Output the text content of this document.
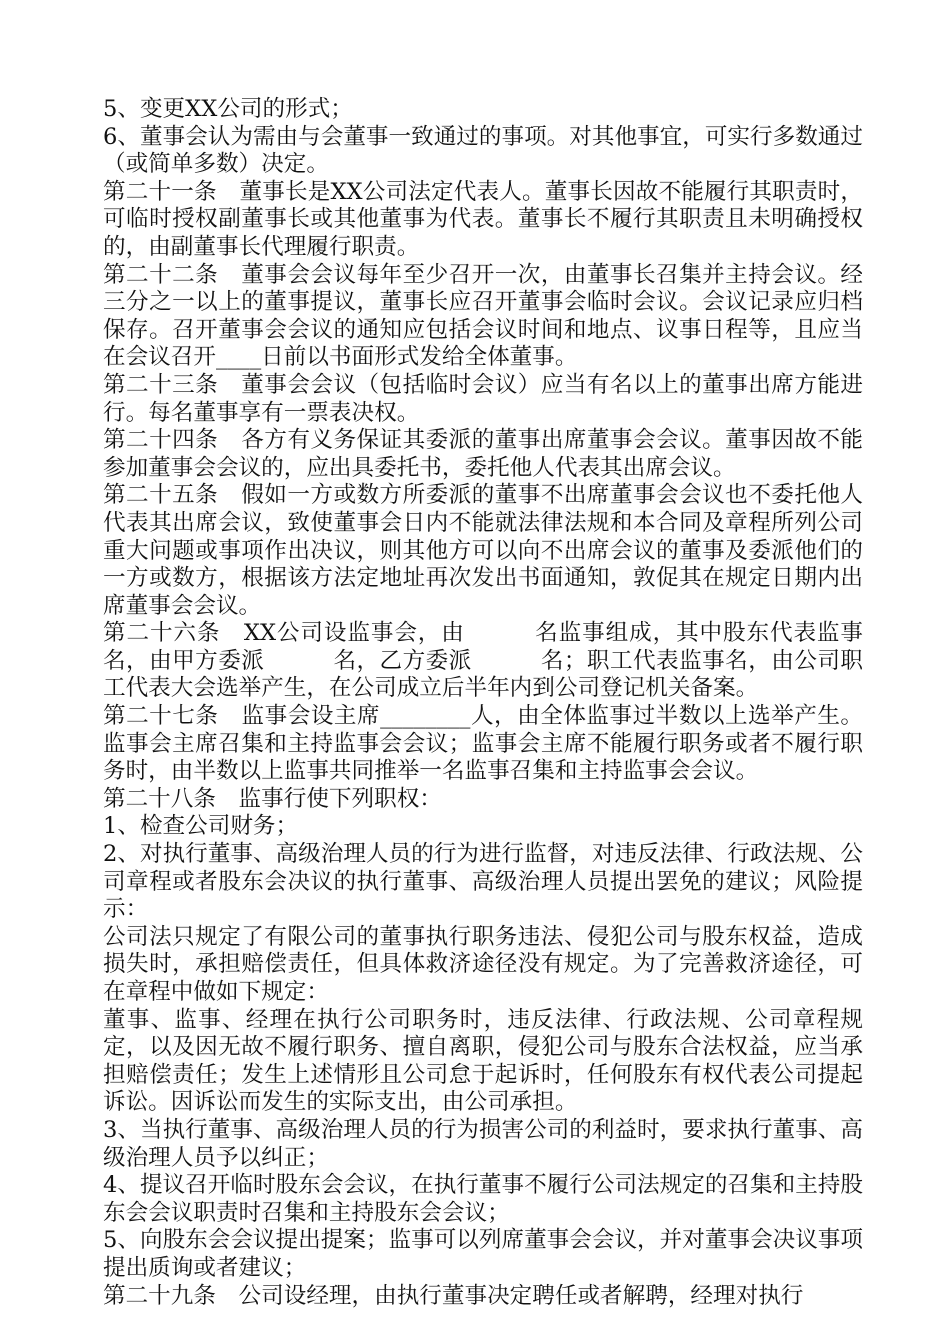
5、变更XX公司的形式；

6、董事会认为需由与会董事一致通过的事项。对其他事宜，可实行多数通过（或简单多数）决定。

第二十一条　董事长是XX公司法定代表人。董事长因故不能履行其职责时，可临时授权副董事长或其他董事为代表。董事长不履行其职责且未明确授权的，由副董事长代理履行职责。

第二十二条　董事会会议每年至少召开一次，由董事长召集并主持会议。经三分之一以上的董事提议，董事长应召开董事会临时会议。会议记录应归档保存。召开董事会会议的通知应包括会议时间和地点、议事日程等，且应当在会议召开____日前以书面形式发给全体董事。

第二十三条　董事会会议（包括临时会议）应当有名以上的董事出席方能进行。每名董事享有一票表决权。

第二十四条　各方有义务保证其委派的董事出席董事会会议。董事因故不能参加董事会会议的，应出具委托书，委托他人代表其出席会议。

第二十五条　假如一方或数方所委派的董事不出席董事会会议也不委托他人代表其出席会议，致使董事会日内不能就法律法规和本合同及章程所列公司重大问题或事项作出决议，则其他方可以向不出席会议的董事及委派他们的一方或数方，根据该方法定地址再次发出书面通知，敦促其在规定日期内出席董事会会议。

第二十六条　XX公司设监事会，由　　　名监事组成，其中股东代表监事　　　名，由甲方委派　　　名，乙方委派　　　名；职工代表监事名，由公司职工代表大会选举产生，在公司成立后半年内到公司登记机关备案。

第二十七条　监事会设主席________人，由全体监事过半数以上选举产生。监事会主席召集和主持监事会会议；监事会主席不能履行职务或者不履行职务时，由半数以上监事共同推举一名监事召集和主持监事会会议。

第二十八条　监事行使下列职权：

1、检查公司财务；

2、对执行董事、高级治理人员的行为进行监督，对违反法律、行政法规、公司章程或者股东会决议的执行董事、高级治理人员提出罢免的建议；风险提示：

公司法只规定了有限公司的董事执行职务违法、侵犯公司与股东权益，造成损失时，承担赔偿责任，但具体救济途径没有规定。为了完善救济途径，可在章程中做如下规定：

董事、监事、经理在执行公司职务时，违反法律、行政法规、公司章程规定，以及因无故不履行职务、擅自离职，侵犯公司与股东合法权益，应当承担赔偿责任；发生上述情形且公司怠于起诉时，任何股东有权代表公司提起诉讼。因诉讼而发生的实际支出，由公司承担。

3、当执行董事、高级治理人员的行为损害公司的利益时，要求执行董事、高级治理人员予以纠正；

4、提议召开临时股东会会议，在执行董事不履行公司法规定的召集和主持股东会会议职责时召集和主持股东会会议；

5、向股东会会议提出提案；监事可以列席董事会会议，并对董事会决议事项提出质询或者建议；

第二十九条　公司设经理，由执行董事决定聘任或者解聘，经理对执行
